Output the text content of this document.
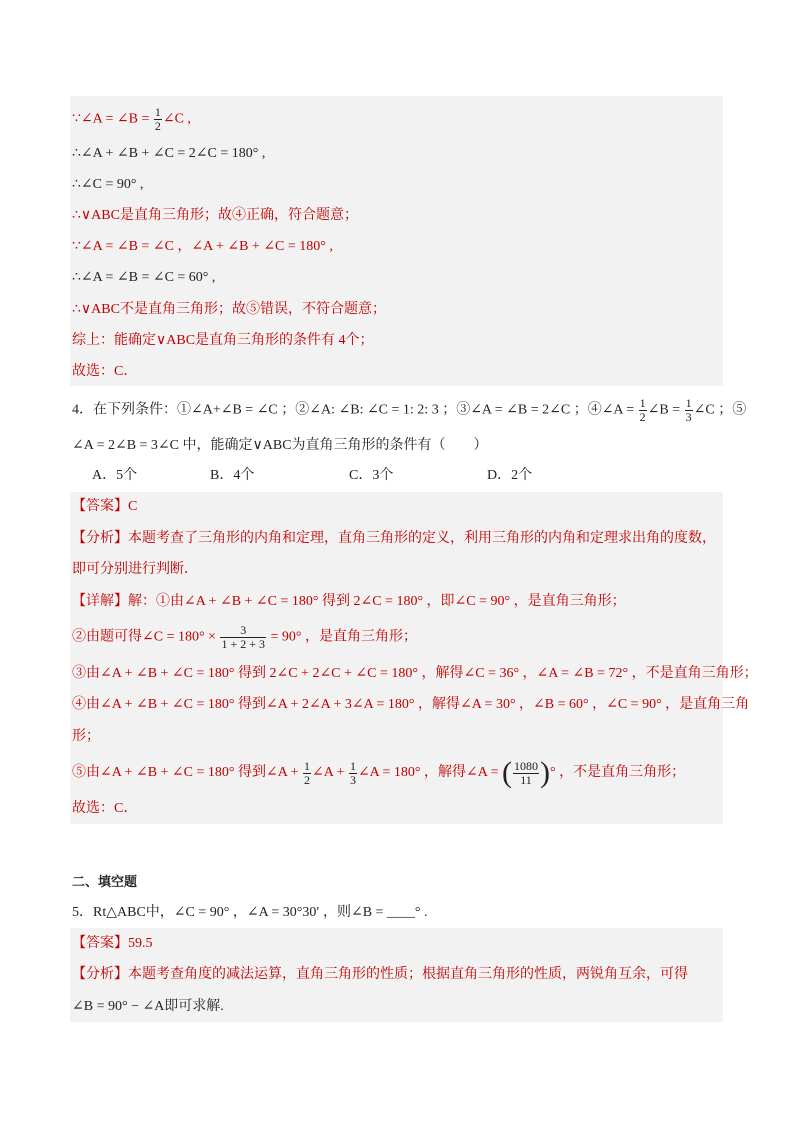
∵∠A = ∠B = $\frac{1}{2}$ ∠C ,
∴∠A + ∠B + ∠C = 2∠C = 180° ,
∴∠C = 90° ,
∴∨ABC是直角三角形；故④正确，符合题意；
∵∠A = ∠B = ∠C ，∠A + ∠B + ∠C = 180° ,
∴∠A = ∠B = ∠C = 60° ,
∴∨ABC不是直角三角形；故⑤错误，不符合题意；
综上：能确定∨ABC是直角三角形的条件有 4个；
故选：C．
4．在下列条件：①∠A+∠B = ∠C ；②∠A: ∠B: ∠C = 1: 2: 3 ；③∠A = ∠B = 2∠C ；④∠A = $\frac{1}{2}$ ∠B = $\frac{1}{3}$ ∠C ；⑤
∠A = 2∠B = 3∠C 中，能确定∨ABC为直角三角形的条件有（　　）
A．5个	B．4个	C．3个	D．2个
【答案】C
【分析】本题考查了三角形的内角和定理，直角三角形的定义，利用三角形的内角和定理求出角的度数，
即可分别进行判断．
【详解】解：①由∠A + ∠B + ∠C = 180° 得到 2∠C = 180° ，即∠C = 90° ，是直角三角形；
②由题可得∠C = $180^\circ \times \frac{3}{1 + 2 + 3} = 90^\circ$ ，是直角三角形；
③由∠A + ∠B + ∠C = 180° 得到 2∠C + 2∠C + ∠C = 180° ，解得∠C = 36° ，∠A = ∠B = 72° ，不是直角三角形；
④由∠A + ∠B + ∠C = 180° 得到∠A + 2∠A + 3∠A = 180° ，解得∠A = 30° ，∠B = 60° ，∠C = 90° ，是直角三角
形；
⑤由∠A + ∠B + ∠C = 180° 得到∠A + $\frac{1}{2}$ ∠A + $\frac{1}{3}$ ∠A = 180° ，解得∠A = ( $\frac{1080}{11}$ )° ，不是直角三角形；
故选：C．
二、填空题
5．Rt△ABC中，∠C = 90° ，∠A = 30°30′ ，则∠B = ____° .
【答案】59.5
【分析】本题考查角度的减法运算，直角三角形的性质；根据直角三角形的性质，两锐角互余，可得
∠B = 90° − ∠A即可求解.
